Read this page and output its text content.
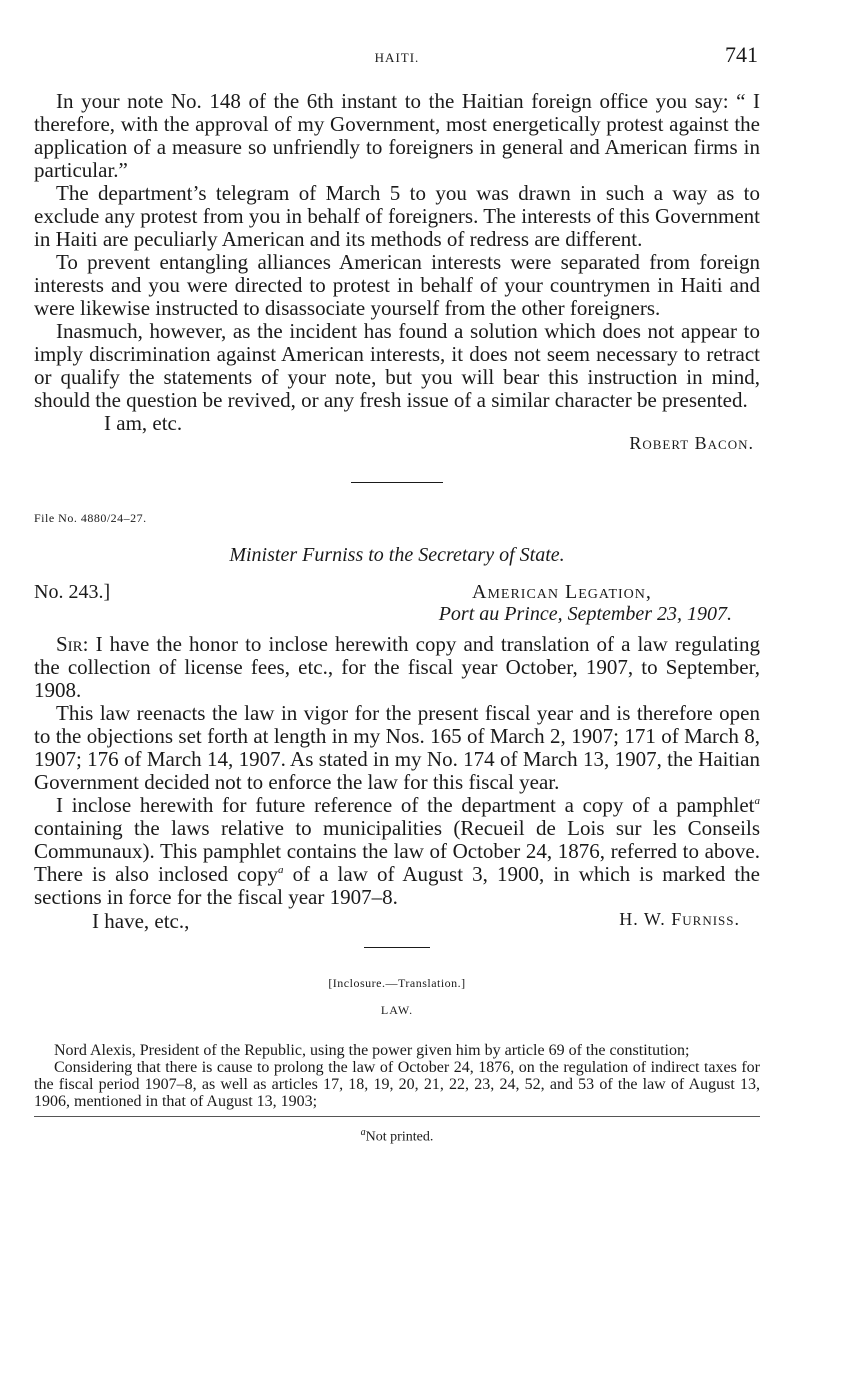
HAITI.	741

In your note No. 148 of the 6th instant to the Haitian foreign office you say: “ I therefore, with the approval of my Government, most energetically protest against the application of a measure so unfriendly to foreigners in general and American firms in particular.”

The department’s telegram of March 5 to you was drawn in such a way as to exclude any protest from you in behalf of foreigners. The interests of this Government in Haiti are peculiarly American and its methods of redress are different.

To prevent entangling alliances American interests were separated from foreign interests and you were directed to protest in behalf of your countrymen in Haiti and were likewise instructed to disassociate yourself from the other foreigners.

Inasmuch, however, as the incident has found a solution which does not appear to imply discrimination against American interests, it does not seem necessary to retract or qualify the statements of your note, but you will bear this instruction in mind, should the question be revived, or any fresh issue of a similar character be presented.

I am, etc.
Robert Bacon.
File No. 4880/24–27.
Minister Furniss to the Secretary of State.
No. 243.]	American Legation,
Port au Prince, September 23, 1907.

Sir: I have the honor to inclose herewith copy and translation of a law regulating the collection of license fees, etc., for the fiscal year October, 1907, to September, 1908.

This law reenacts the law in vigor for the present fiscal year and is therefore open to the objections set forth at length in my Nos. 165 of March 2, 1907; 171 of March 8, 1907; 176 of March 14, 1907. As stated in my No. 174 of March 13, 1907, the Haitian Government decided not to enforce the law for this fiscal year.

I inclose herewith for future reference of the department a copy of a pamphlet$^a$ containing the laws relative to municipalities (Recueil de Lois sur les Conseils Communaux). This pamphlet contains the law of October 24, 1876, referred to above. There is also inclosed copy$^a$ of a law of August 3, 1900, in which is marked the sections in force for the fiscal year 1907–8.

I have, etc.,	H. W. Furniss.
[Inclosure.—Translation.]
LAW.

Nord Alexis, President of the Republic, using the power given him by article 69 of the constitution;

Considering that there is cause to prolong the law of October 24, 1876, on the regulation of indirect taxes for the fiscal period 1907–8, as well as articles 17, 18, 19, 20, 21, 22, 23, 24, 52, and 53 of the law of August 13, 1906, mentioned in that of August 13, 1903;

$^a$Not printed.
